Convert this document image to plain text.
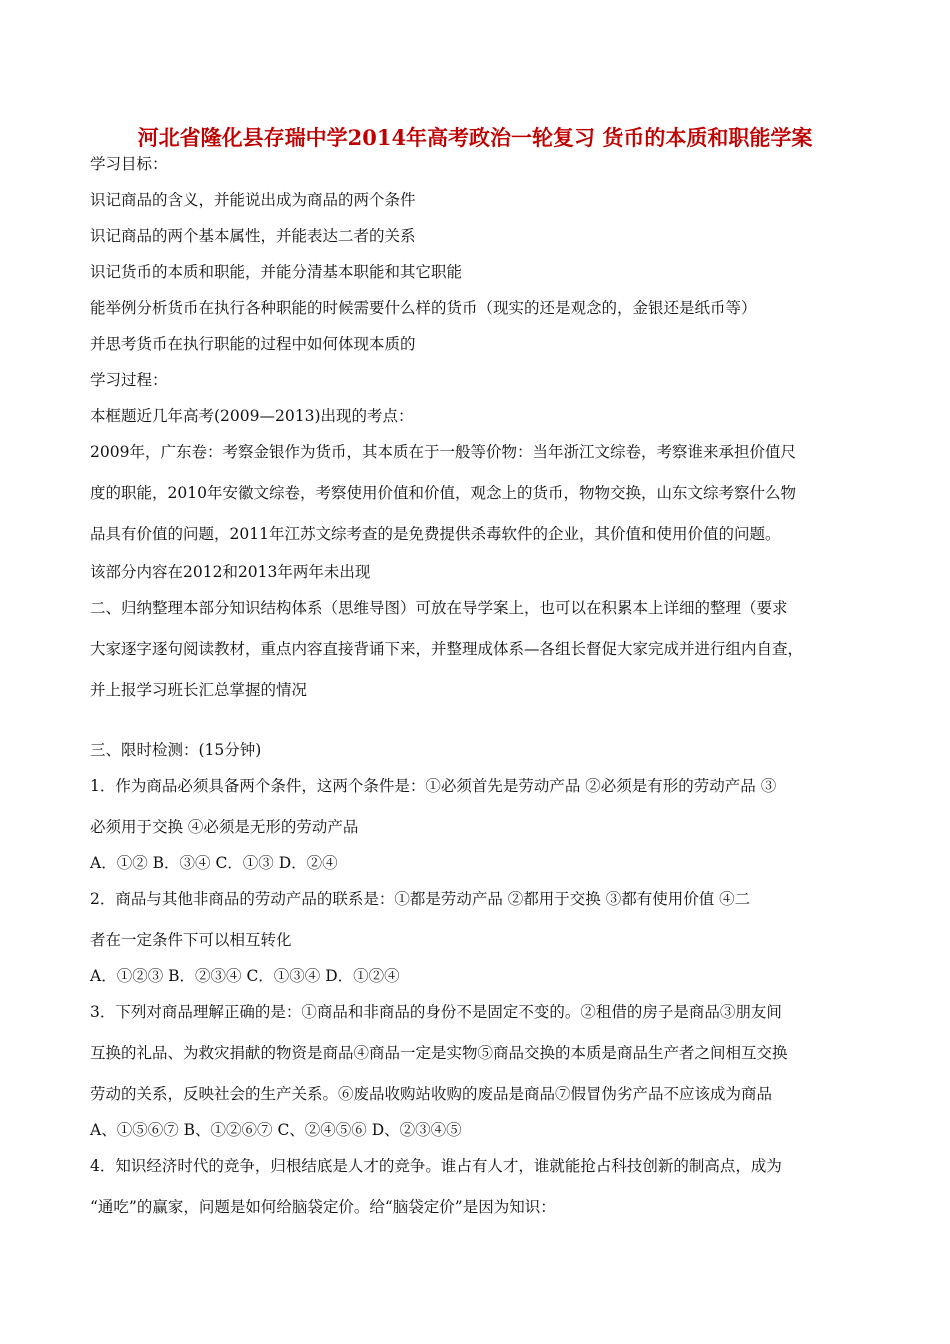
河北省隆化县存瑞中学2014年高考政治一轮复习 货币的本质和职能学案
学习目标：
识记商品的含义，并能说出成为商品的两个条件
识记商品的两个基本属性，并能表达二者的关系
识记货币的本质和职能，并能分清基本职能和其它职能
能举例分析货币在执行各种职能的时候需要什么样的货币（现实的还是观念的，金银还是纸币等）
并思考货币在执行职能的过程中如何体现本质的
学习过程：
本框题近几年高考(2009—2013)出现的考点：
2009年，广东卷：考察金银作为货币，其本质在于一般等价物：当年浙江文综卷，考察谁来承担价值尺
度的职能，2010年安徽文综卷，考察使用价值和价值，观念上的货币，物物交换，山东文综考察什么物
品具有价值的问题，2011年江苏文综考查的是免费提供杀毒软件的企业，其价值和使用价值的问题。
该部分内容在2012和2013年两年未出现
二、归纳整理本部分知识结构体系（思维导图）可放在导学案上，也可以在积累本上详细的整理（要求
大家逐字逐句阅读教材，重点内容直接背诵下来，并整理成体系—各组长督促大家完成并进行组内自查，
并上报学习班长汇总掌握的情况
三、限时检测：(15分钟)
1．作为商品必须具备两个条件，这两个条件是：①必须首先是劳动产品 ②必须是有形的劳动产品 ③
必须用于交换 ④必须是无形的劳动产品
A．①② B．③④ C．①③ D．②④
2．商品与其他非商品的劳动产品的联系是：①都是劳动产品 ②都用于交换 ③都有使用价值 ④二
者在一定条件下可以相互转化
A．①②③ B．②③④ C．①③④ D．①②④
3．下列对商品理解正确的是：①商品和非商品的身份不是固定不变的。②租借的房子是商品③朋友间
互换的礼品、为救灾捐献的物资是商品④商品一定是实物⑤商品交换的本质是商品生产者之间相互交换
劳动的关系，反映社会的生产关系。⑥废品收购站收购的废品是商品⑦假冒伪劣产品不应该成为商品
A、①⑤⑥⑦ B、①②⑥⑦ C、②④⑤⑥ D、②③④⑤
4．知识经济时代的竞争，归根结底是人才的竞争。谁占有人才，谁就能抢占科技创新的制高点，成为
“通吃”的赢家，问题是如何给脑袋定价。给“脑袋定价”是因为知识：
